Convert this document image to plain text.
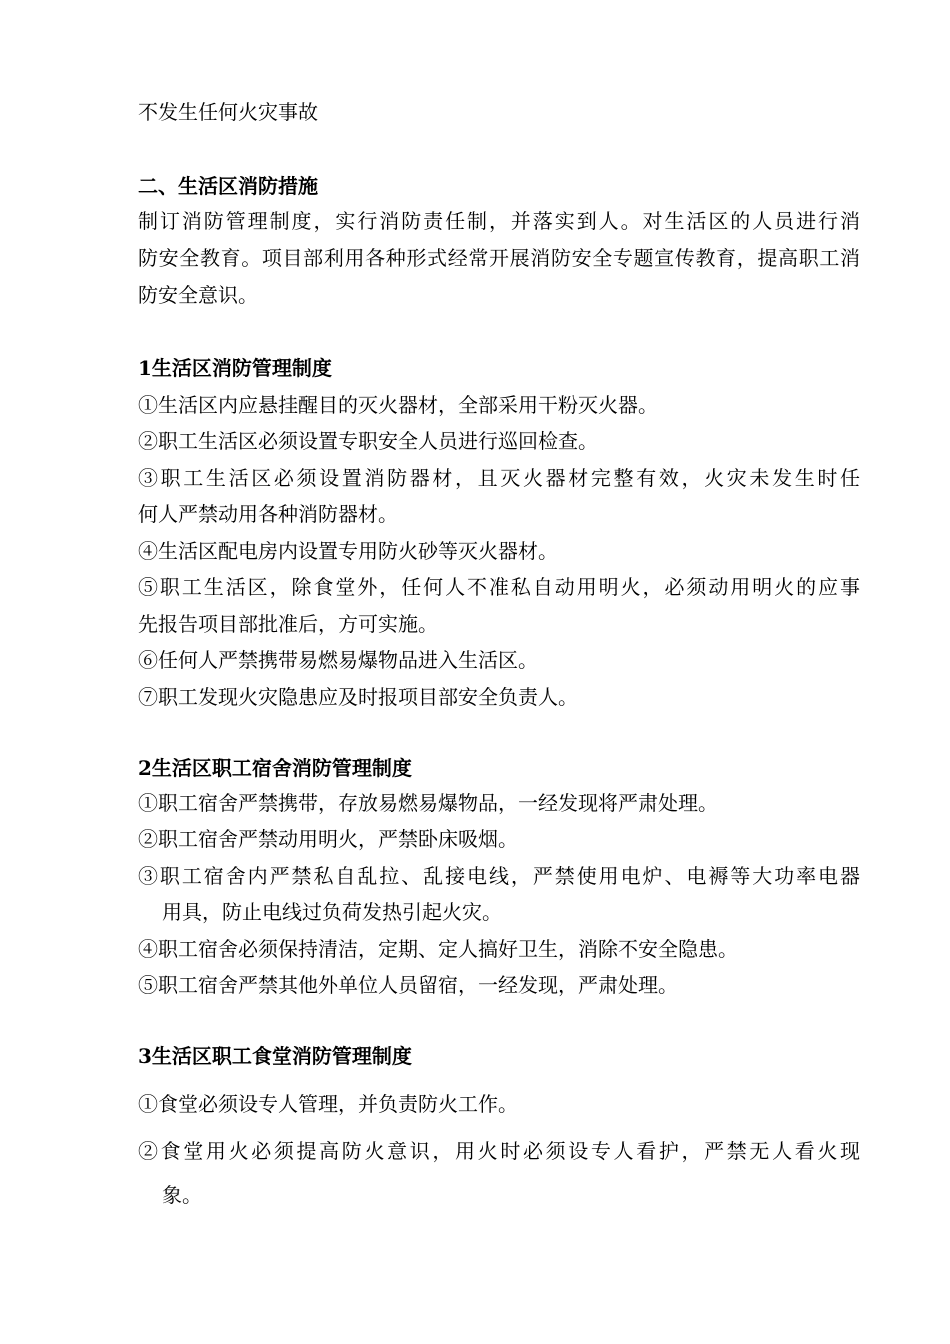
不发生任何火灾事故
二、生活区消防措施
制订消防管理制度，实行消防责任制，并落实到人。对生活区的人员进行消
防安全教育。项目部利用各种形式经常开展消防安全专题宣传教育，提高职工消
防安全意识。
1生活区消防管理制度
①生活区内应悬挂醒目的灭火器材，全部采用干粉灭火器。
②职工生活区必须设置专职安全人员进行巡回检查。
③职工生活区必须设置消防器材，且灭火器材完整有效，火灾未发生时任
何人严禁动用各种消防器材。
④生活区配电房内设置专用防火砂等灭火器材。
⑤职工生活区，除食堂外，任何人不准私自动用明火，必须动用明火的应事
先报告项目部批准后，方可实施。
⑥任何人严禁携带易燃易爆物品进入生活区。
⑦职工发现火灾隐患应及时报项目部安全负责人。
2生活区职工宿舍消防管理制度
①职工宿舍严禁携带，存放易燃易爆物品，一经发现将严肃处理。
②职工宿舍严禁动用明火，严禁卧床吸烟。
③职工宿舍内严禁私自乱拉、乱接电线，严禁使用电炉、电褥等大功率电器
用具，防止电线过负荷发热引起火灾。
④职工宿舍必须保持清洁，定期、定人搞好卫生，消除不安全隐患。
⑤职工宿舍严禁其他外单位人员留宿，一经发现，严肃处理。
3生活区职工食堂消防管理制度
①食堂必须设专人管理，并负责防火工作。
②食堂用火必须提高防火意识，用火时必须设专人看护，严禁无人看火现
象。
